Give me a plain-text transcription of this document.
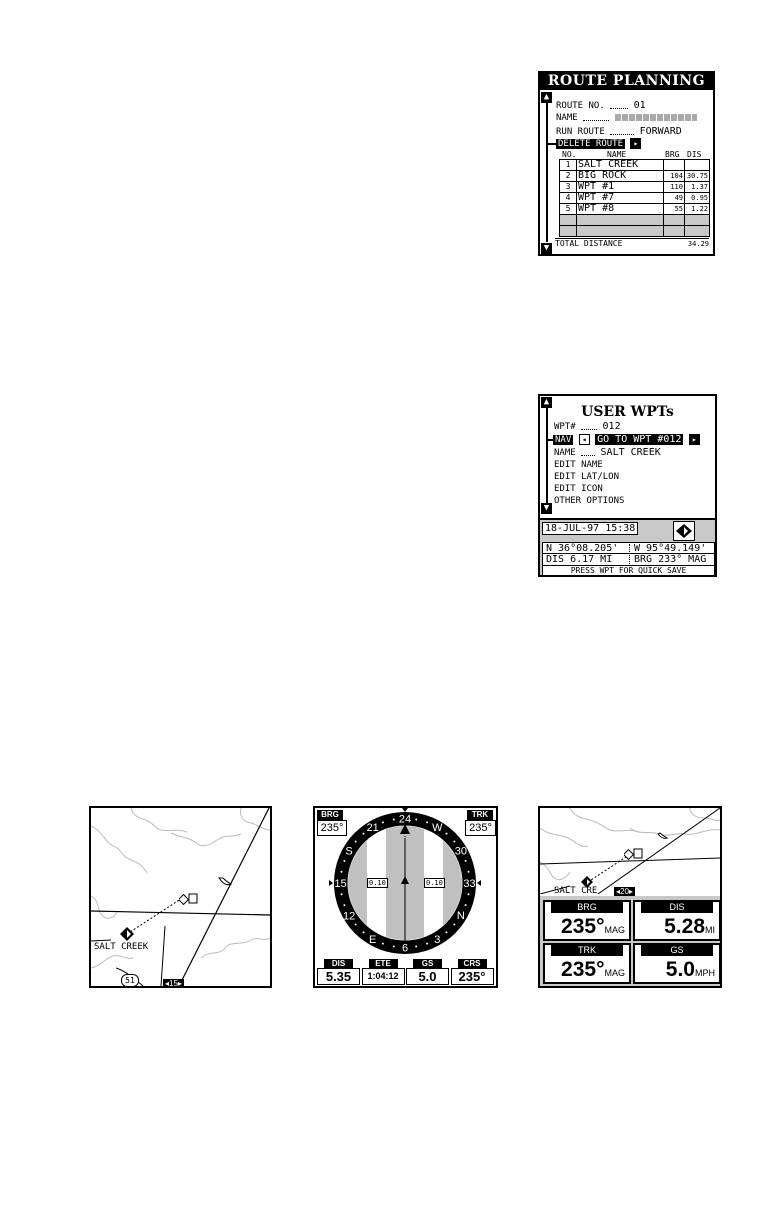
ROUTE PLANNING
▲
▼
ROUTE NO.	01
NAME
RUN ROUTE	FORWARD
DELETE ROUTE ▸
NO.	NAME	BRG DIS
1	SALT CREEK		
2	BIG ROCK	104	30.75
3	WPT #1	110	1.37
4	WPT #7	49	0.95
5	WPT #8	55	1.22

TOTAL DISTANCE	34.29
▲
▼
USER WPTs
WPT#	012
NAV ◂ GO TO WPT #012 ▸
NAME SALT CREEK
EDIT NAME
EDIT LAT/LON
EDIT ICON
OTHER OPTIONS
18-JUL-97 15:38
N 36°08.205' W 95°49.149'
DIS 6.17 MI BRG 233° MAG
PRESS WPT FOR QUICK SAVE
SALT CREEK
51	◂15▸
24
W
30
33
N
3
6
E
12
15
S
21
BRG
235°
TRK
235°
0.10	0.10
DIS
5.35
ETE
1:04:12
GS
5.0
CRS
235°
SALT CRE ◂20▸
BRG
235°MAG
DIS
5.28MI
TRK
235°MAG
GS
5.0MPH
